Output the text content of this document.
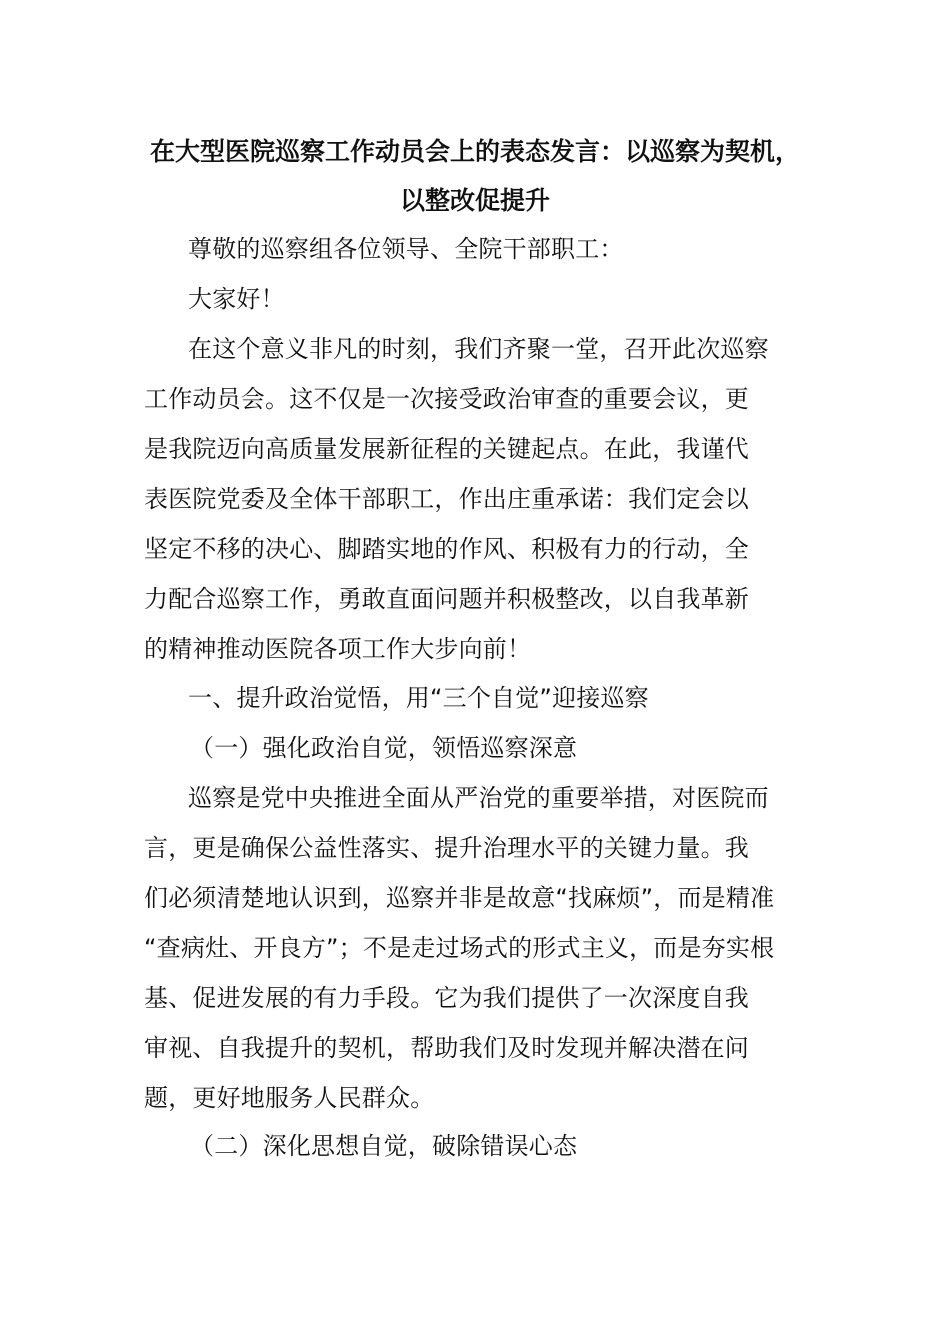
在大型医院巡察工作动员会上的表态发言：以巡察为契机，
以整改促提升
尊敬的巡察组各位领导、全院干部职工：
大家好！
在这个意义非凡的时刻，我们齐聚一堂，召开此次巡察
工作动员会。这不仅是一次接受政治审查的重要会议，更
是我院迈向高质量发展新征程的关键起点。在此，我谨代
表医院党委及全体干部职工，作出庄重承诺：我们定会以
坚定不移的决心、脚踏实地的作风、积极有力的行动，全
力配合巡察工作，勇敢直面问题并积极整改，以自我革新
的精神推动医院各项工作大步向前！
一、提升政治觉悟，用“三个自觉”迎接巡察
（一）强化政治自觉，领悟巡察深意
巡察是党中央推进全面从严治党的重要举措，对医院而
言，更是确保公益性落实、提升治理水平的关键力量。我
们必须清楚地认识到，巡察并非是故意“找麻烦”，而是精准
“查病灶、开良方”；不是走过场式的形式主义，而是夯实根
基、促进发展的有力手段。它为我们提供了一次深度自我
审视、自我提升的契机，帮助我们及时发现并解决潜在问
题，更好地服务人民群众。
（二）深化思想自觉，破除错误心态
